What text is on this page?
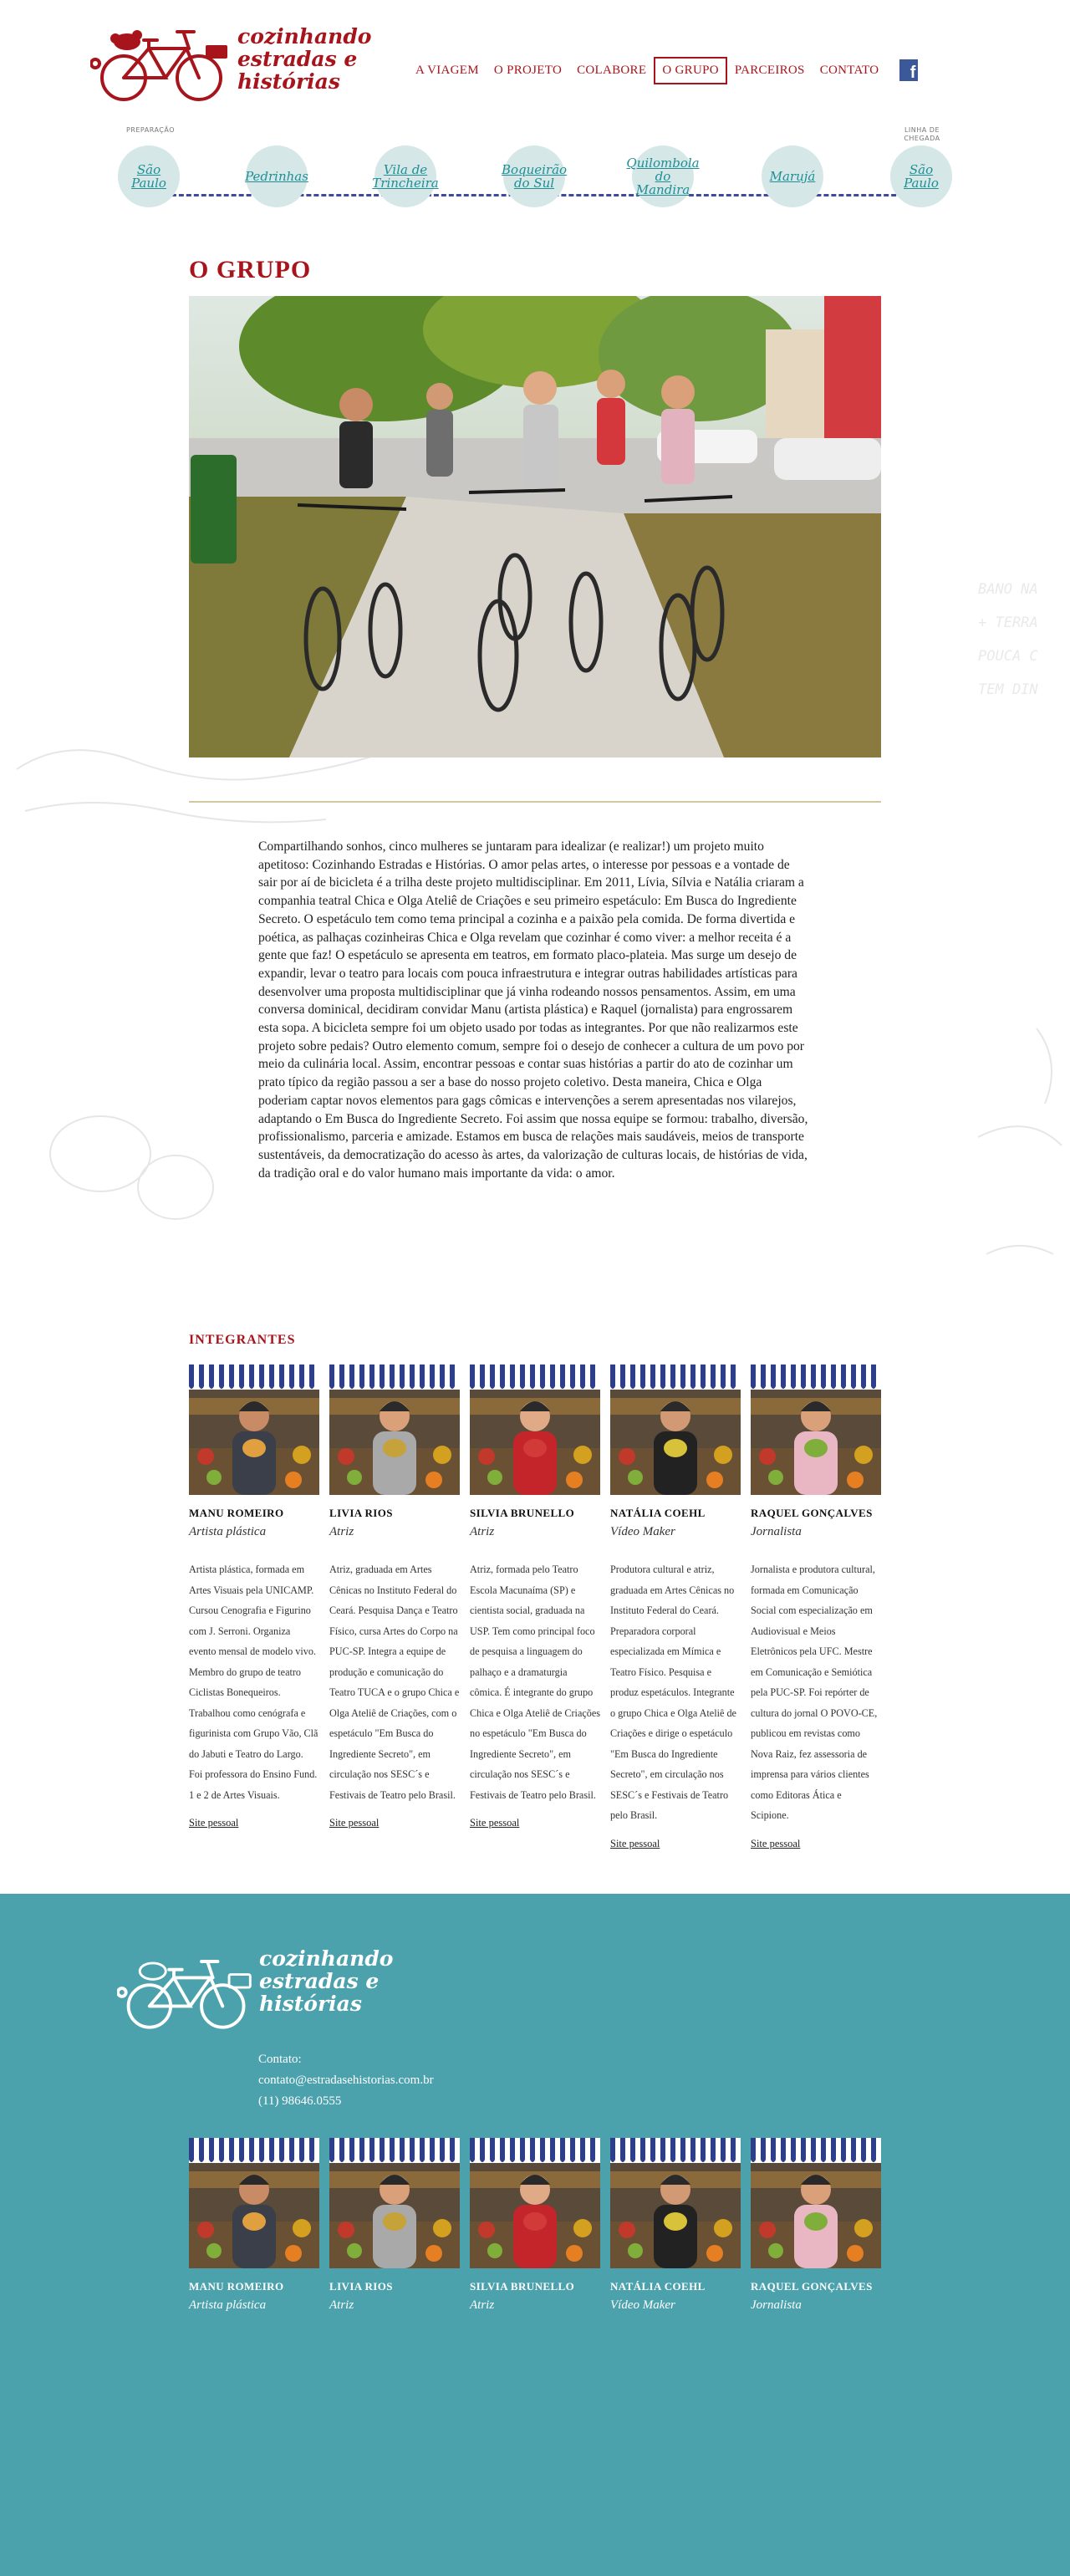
BANO NA
+ TERRA
POUCA C
TEM DIN
cozinhando
estradas e
histórias	A VIAGEM	O PROJETO	COLABORE	O GRUPO	PARCEIROS	CONTATO	f
PREPARAÇÃO	LINHA DE CHEGADA
São
Paulo	Pedrinhas	Vila de
Trincheira
Boqueirão
do Sul
Quilombola
do
Mandira
Marujá	São
Paulo
O GRUPO

Compartilhando sonhos, cinco mulheres se juntaram para idealizar (e realizar!) um projeto muito apetitoso: Cozinhando Estradas e Histórias. O amor pelas artes, o interesse por pessoas e a vontade de sair por aí de bicicleta é a trilha deste projeto multidisciplinar. Em 2011, Lívia, Sílvia e Natália criaram a companhia teatral Chica e Olga Ateliê de Criações e seu primeiro espetáculo: Em Busca do Ingrediente Secreto. O espetáculo tem como tema principal a cozinha e a paixão pela comida. De forma divertida e poética, as palhaças cozinheiras Chica e Olga revelam que cozinhar é como viver: a melhor receita é a gente que faz! O espetáculo se apresenta em teatros, em formato placo-plateia. Mas surge um desejo de expandir, levar o teatro para locais com pouca infraestrutura e integrar outras habilidades artísticas para desenvolver uma proposta multidisciplinar que já vinha rodeando nossos pensamentos. Assim, em uma conversa dominical, decidiram convidar Manu (artista plástica) e Raquel (jornalista) para engrossarem esta sopa. A bicicleta sempre foi um objeto usado por todas as integrantes. Por que não realizarmos este projeto sobre pedais? Outro elemento comum, sempre foi o desejo de conhecer a cultura de um povo por meio da culinária local. Assim, encontrar pessoas e contar suas histórias a partir do ato de cozinhar um prato típico da região passou a ser a base do nosso projeto coletivo. Desta maneira, Chica e Olga poderiam captar novos elementos para gags cômicas e intervenções a serem apresentadas nos vilarejos, adaptando o Em Busca do Ingrediente Secreto. Foi assim que nossa equipe se formou: trabalho, diversão, profissionalismo, parceria e amizade. Estamos em busca de relações mais saudáveis, meios de transporte sustentáveis, da democratização do acesso às artes, da valorização de culturas locais, de histórias de vida, da tradição oral e do valor humano mais importante da vida: o amor.

INTEGRANTES
MANU ROMEIRO
Artista plástica
Artista plástica, formada em Artes Visuais pela UNICAMP. Cursou Cenografia e Figurino com J. Serroni. Organiza evento mensal de modelo vivo. Membro do grupo de teatro Ciclistas Bonequeiros. Trabalhou como cenógrafa e figurinista com Grupo Vão, Clã do Jabuti e Teatro do Largo. Foi professora do Ensino Fund. 1 e 2 de Artes Visuais.
Site pessoal
LIVIA RIOS
Atriz
Atriz, graduada em Artes Cênicas no Instituto Federal do Ceará. Pesquisa Dança e Teatro Físico, cursa Artes do Corpo na PUC-SP. Integra a equipe de produção e comunicação do Teatro TUCA e o grupo Chica e Olga Ateliê de Criações, com o espetáculo "Em Busca do Ingrediente Secreto", em circulação nos SESC´s e Festivais de Teatro pelo Brasil.
Site pessoal
SILVIA BRUNELLO
Atriz
Atriz, formada pelo Teatro Escola Macunaíma (SP) e cientista social, graduada na USP. Tem como principal foco de pesquisa a linguagem do palhaço e a dramaturgia cômica. É integrante do grupo Chica e Olga Ateliê de Criações no espetáculo "Em Busca do Ingrediente Secreto", em circulação nos SESC´s e Festivais de Teatro pelo Brasil.
Site pessoal
NATÁLIA COEHL
Vídeo Maker
Produtora cultural e atriz, graduada em Artes Cênicas no Instituto Federal do Ceará. Preparadora corporal especializada em Mímica e Teatro Físico. Pesquisa e produz espetáculos. Integrante o grupo Chica e Olga Ateliê de Criações e dirige o espetáculo "Em Busca do Ingrediente Secreto", em circulação nos SESC´s e Festivais de Teatro pelo Brasil.
Site pessoal
RAQUEL GONÇALVES
Jornalista
Jornalista e produtora cultural, formada em Comunicação Social com especialização em Audiovisual e Meios Eletrônicos pela UFC. Mestre em Comunicação e Semiótica pela PUC-SP. Foi repórter de cultura do jornal O POVO-CE, publicou em revistas como Nova Raiz, fez assessoria de imprensa para vários clientes como Editoras Ática e Scipione.
Site pessoal
cozinhando
estradas e
histórias
Contato:
contato@estradasehistorias.com.br
(11) 98646.0555
MANU ROMEIRO
Artista plástica
LIVIA RIOS
Atriz
SILVIA BRUNELLO
Atriz
NATÁLIA COEHL
Vídeo Maker
RAQUEL GONÇALVES
Jornalista
